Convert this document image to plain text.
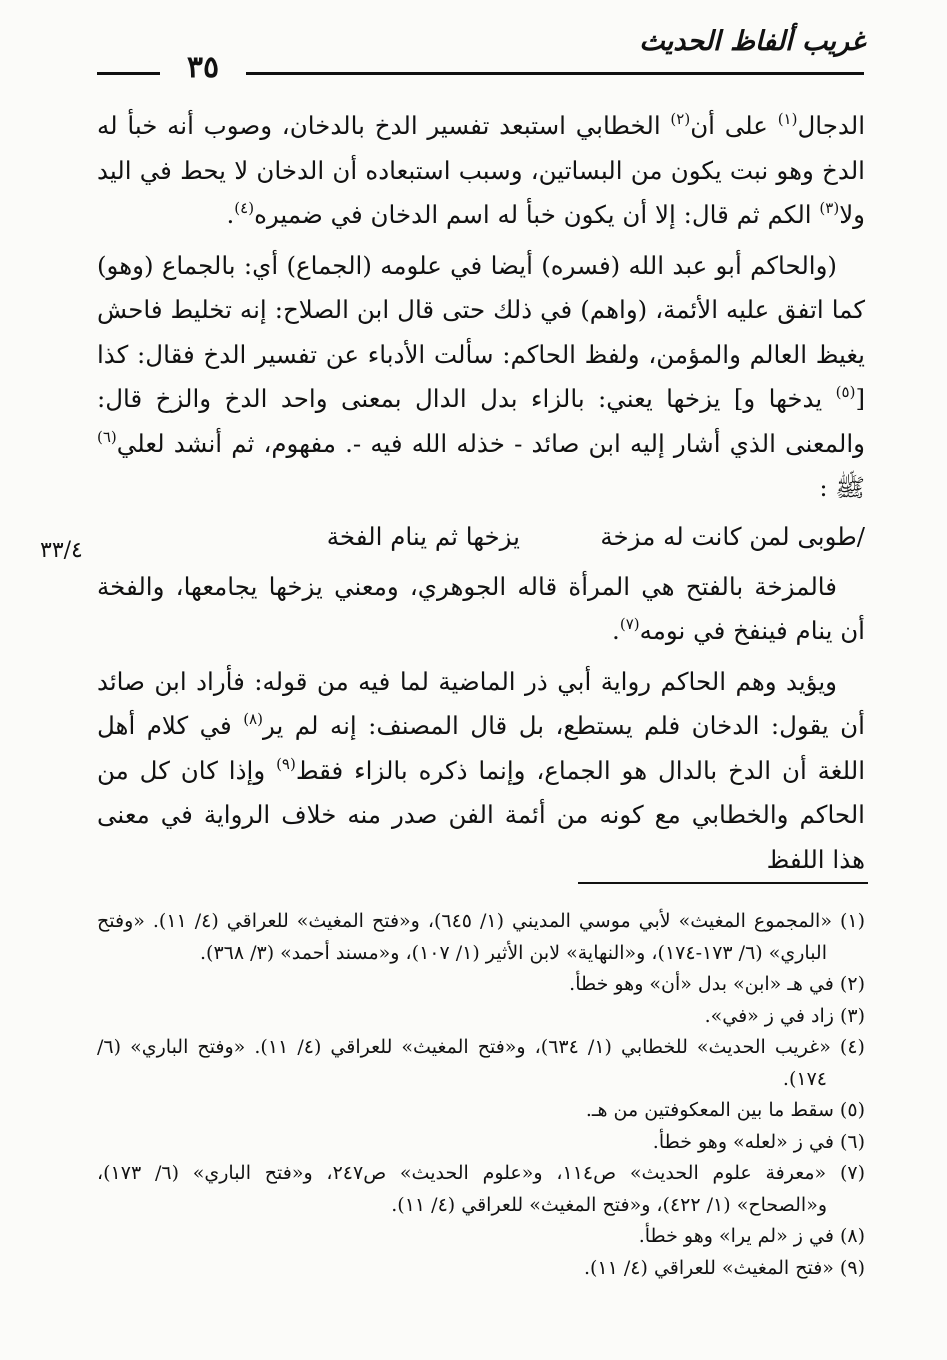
غريب ألفاظ الحديث
٣٥

الدجال$^{(١)}$ على أن$^{(٢)}$ الخطابي استبعد تفسير الدخ بالدخان، وصوب أنه خبأ له الدخ وهو نبت يكون من البساتين، وسبب استبعاده أن الدخان لا يحط في اليد ولا$^{(٣)}$ الكم ثم قال: إلا أن يكون خبأ له اسم الدخان في ضميره$^{(٤)}$.

(والحاكم أبو عبد الله (فسره) أيضا في علومه (الجماع) أي: بالجماع (وهو) كما اتفق عليه الأئمة، (واهم) في ذلك حتى قال ابن الصلاح: إنه تخليط فاحش يغيظ العالم والمؤمن، ولفظ الحاكم: سألت الأدباء عن تفسير الدخ فقال: كذا [$^{(٥)}$ يدخها و] يزخها يعني: بالزاء بدل الدال بمعنى واحد الدخ والزخ قال: والمعنى الذي أشار إليه ابن صائد - خذله الله فيه -. مفهوم، ثم أنشد لعلي$^{(٦)}$ ﷺ :

/طوبى لمن كانت له مزخة
يزخها ثم ينام الفخة

فالمزخة بالفتح هي المرأة قاله الجوهري، ومعني يزخها يجامعها، والفخة أن ينام فينفخ في نومه$^{(٧)}$.

ويؤيد وهم الحاكم رواية أبي ذر الماضية لما فيه من قوله: فأراد ابن صائد أن يقول: الدخان فلم يستطع، بل قال المصنف: إنه لم ير$^{(٨)}$ في كلام أهل اللغة أن الدخ بالدال هو الجماع، وإنما ذكره بالزاء فقط$^{(٩)}$ وإذا كان كل من الحاكم والخطابي مع كونه من أئمة الفن صدر منه خلاف الرواية في معنى هذا اللفظ

٣٣/٤

(١) «المجموع المغيث» لأبي موسي المديني (١/ ٦٤٥)، و«فتح المغيث» للعراقي (٤/ ١١). «وفتح الباري» (٦/ ١٧٣-١٧٤)، و«النهاية» لابن الأثير (١/ ١٠٧)، و«مسند أحمد» (٣/ ٣٦٨).

(٢) في هـ «ابن» بدل «أن» وهو خطأ.

(٣) زاد في ز «في».

(٤) «غريب الحديث» للخطابي (١/ ٦٣٤)، و«فتح المغيث» للعراقي (٤/ ١١). «وفتح الباري» (٦/ ١٧٤).

(٥) سقط ما بين المعكوفتين من هـ.

(٦) في ز «لعله» وهو خطأ.

(٧) «معرفة علوم الحديث» ص١١٤، و«علوم الحديث» ص٢٤٧، و«فتح الباري» (٦/ ١٧٣)، و«الصحاح» (١/ ٤٢٢)، و«فتح المغيث» للعراقي (٤/ ١١).

(٨) في ز «لم يرا» وهو خطأ.

(٩) «فتح المغيث» للعراقي (٤/ ١١).
